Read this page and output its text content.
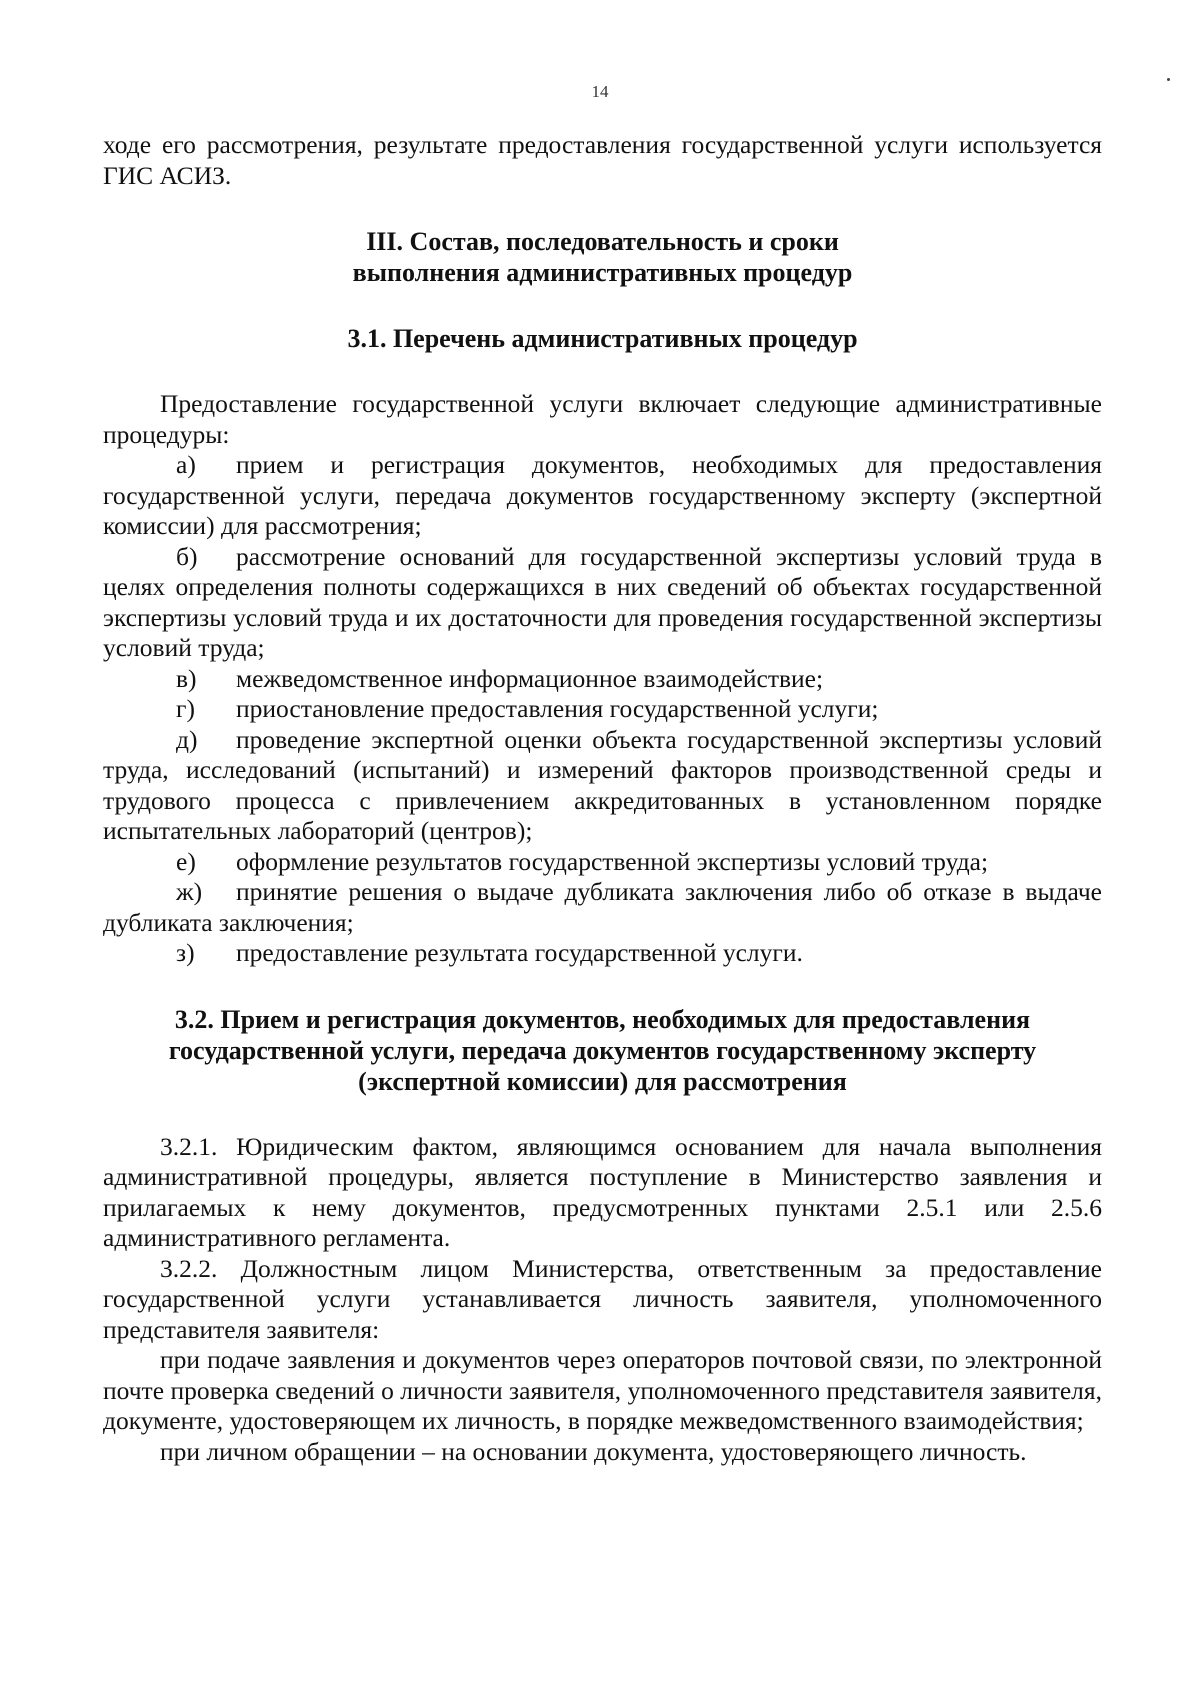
14

ходе его рассмотрения, результате предоставления государственной услуги используется ГИС АСИЗ.

III. Состав, последовательность и сроки
выполнения административных процедур
3.1. Перечень административных процедур

Предоставление государственной услуги включает следующие административные процедуры:

а) прием и регистрация документов, необходимых для предоставления государственной услуги, передача документов государственному эксперту (экспертной комиссии) для рассмотрения;

б) рассмотрение оснований для государственной экспертизы условий труда в целях определения полноты содержащихся в них сведений об объектах государственной экспертизы условий труда и их достаточности для проведения государственной экспертизы условий труда;

в) межведомственное информационное взаимодействие;

г) приостановление предоставления государственной услуги;

д) проведение экспертной оценки объекта государственной экспертизы условий труда, исследований (испытаний) и измерений факторов производственной среды и трудового процесса с привлечением аккредитованных в установленном порядке испытательных лабораторий (центров);

е) оформление результатов государственной экспертизы условий труда;

ж) принятие решения о выдаче дубликата заключения либо об отказе в выдаче дубликата заключения;

з) предоставление результата государственной услуги.

3.2. Прием и регистрация документов, необходимых для предоставления
государственной услуги, передача документов государственному эксперту
(экспертной комиссии) для рассмотрения

3.2.1. Юридическим фактом, являющимся основанием для начала выполнения административной процедуры, является поступление в Министерство заявления и прилагаемых к нему документов, предусмотренных пунктами 2.5.1 или 2.5.6 административного регламента.

3.2.2. Должностным лицом Министерства, ответственным за предоставление государственной услуги устанавливается личность заявителя, уполномоченного представителя заявителя:

при подаче заявления и документов через операторов почтовой связи, по электронной почте проверка сведений о личности заявителя, уполномоченного представителя заявителя, документе, удостоверяющем их личность, в порядке межведомственного взаимодействия;

при личном обращении – на основании документа, удостоверяющего личность.
